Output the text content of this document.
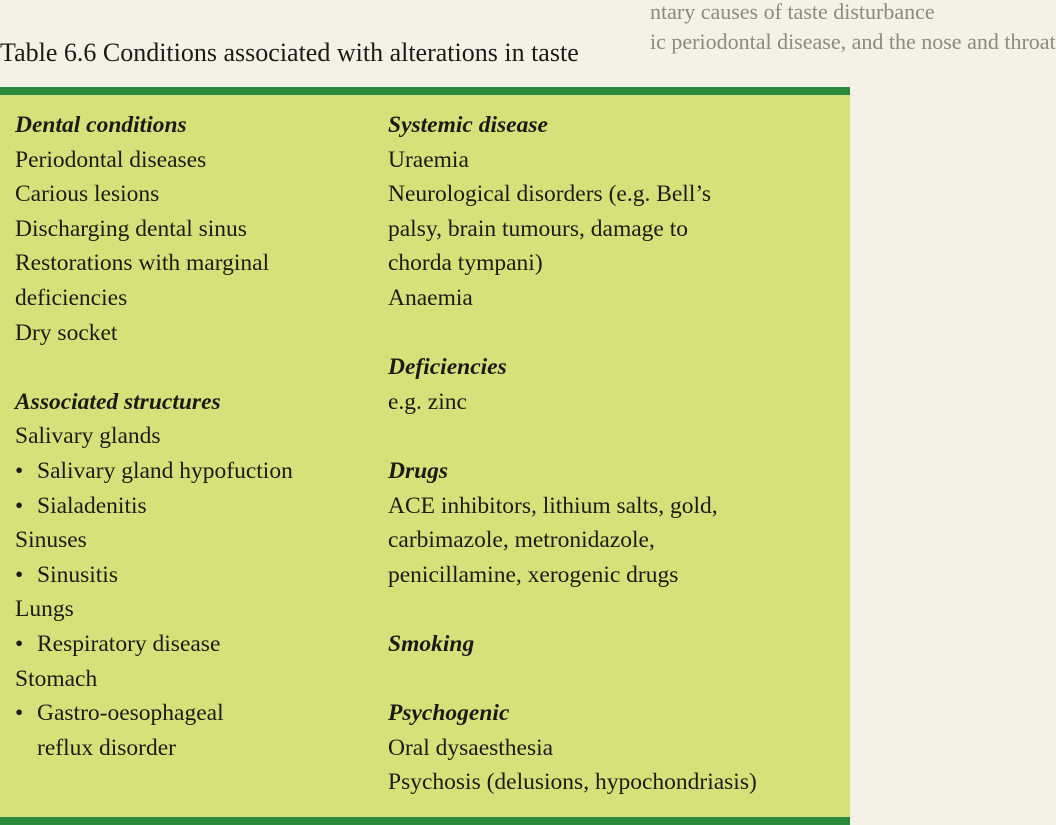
ntary causes of taste disturbance
ic periodontal disease, and the nose and throat
Table 6.6 Conditions associated with alterations in taste
Dental conditions
Periodontal diseases
Carious lesions
Discharging dental sinus
Restorations with marginal
deficiencies
Dry socket
Associated structures
Salivary glands
• Salivary gland hypofuction
• Sialadenitis
Sinuses
• Sinusitis
Lungs
• Respiratory disease
Stomach
• Gastro-oesophageal
reflux disorder
Systemic disease
Uraemia
Neurological disorders (e.g. Bell’s
palsy, brain tumours, damage to
chorda tympani)
Anaemia
Deficiencies
e.g. zinc
Drugs
ACE inhibitors, lithium salts, gold,
carbimazole, metronidazole,
penicillamine, xerogenic drugs
Smoking
Psychogenic
Oral dysaesthesia
Psychosis (delusions, hypochondriasis)
